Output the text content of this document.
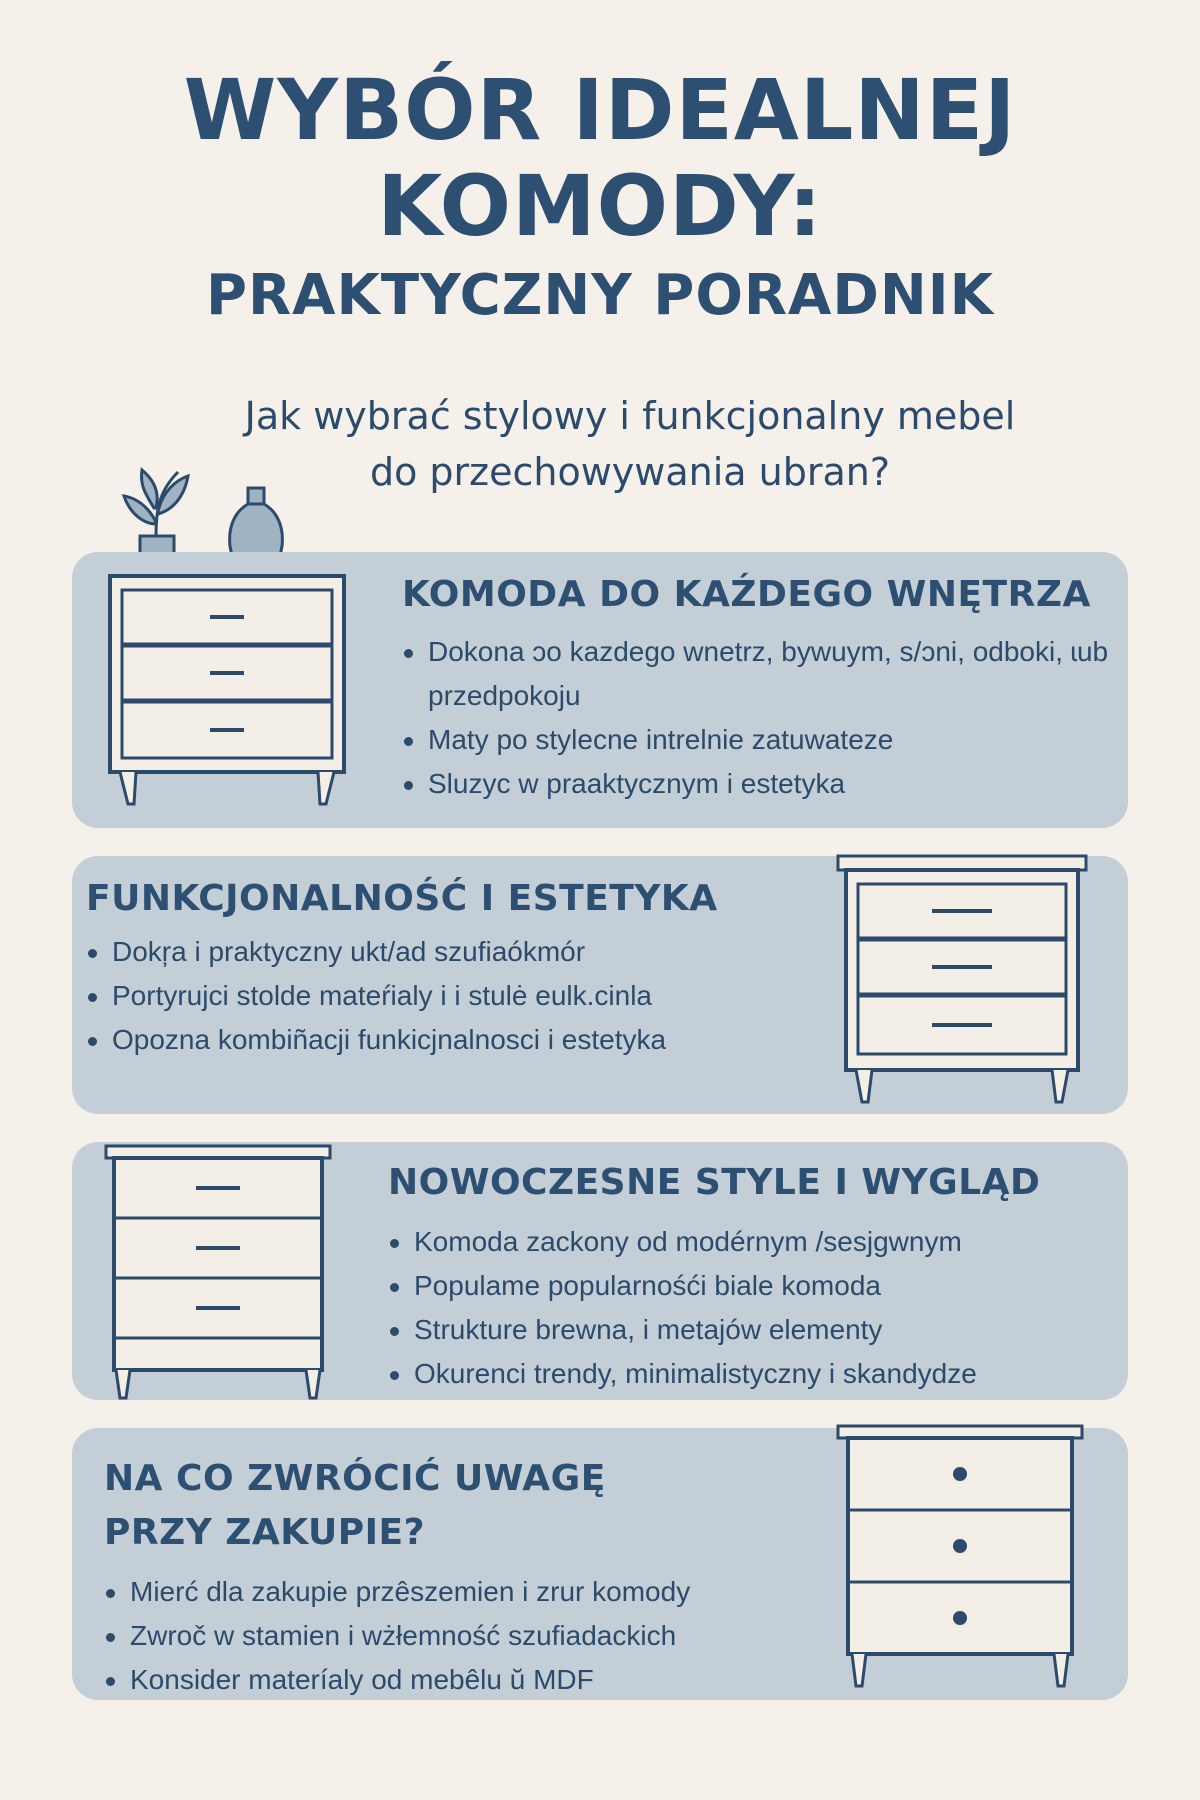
WYBÓR IDEALNEJ
KOMODY:
PRAKTYCZNY PORADNIK

Jak wybrać stylowy i funkcjonalny mebel
do przechowywania ubran?

KOMODA DO KAŹDEGO WNĘTRZA
Dokona ɔo kazdego wnetrz, bywuym, s/ɔni, odboki, ɩub przedpokoju
Maty po stylecne intrelnie zatuwateze
Sluzyc w praaktycznym i estetyka
FUNKCJONALNOŚĆ I ESTETYKA
Dokŗa i praktyczny ukt/ad szufiaókmór
Portyrujci stolde mateŕialy i i stulė eulk.cinla
Opozna kombiñacji funkicjnalnosci i estetyka
NOWOCZESNE STYLE I WYGLĄD
Komoda zackony od modérnym /sesjgwnym
Populame popularnośći biale komoda
Strukture brewna, i metajów elementy
Okurenci trendy, minimalistyczny i skandydze
NA CO ZWRÓCIĆ UWAGĘ
PRZY ZAKUPIE?
Mierć dla zakupie przêszemien i zrur komody
Zwroč w stamien i wżłemność szufiadackich
Konsider materíaly od mebêlu ŭ MDF
